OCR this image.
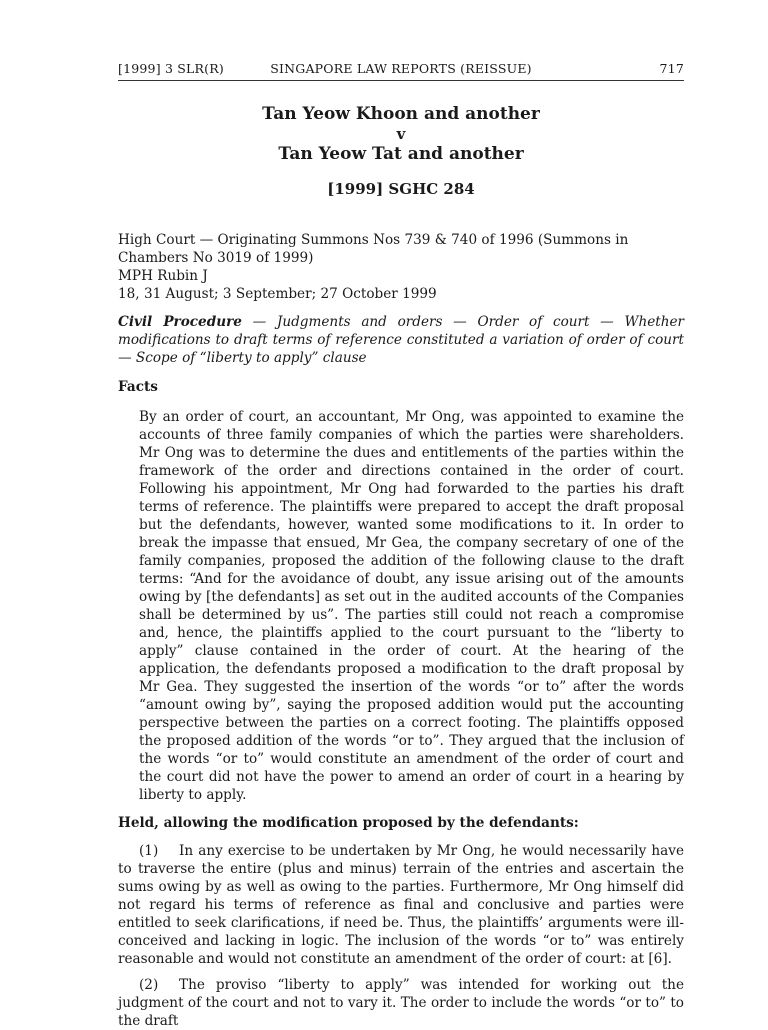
[1999] 3 SLR(R)	SINGAPORE LAW REPORTS (REISSUE)	717
Tan Yeow Khoon and another
v
Tan Yeow Tat and another
[1999] SGHC 284
High Court — Originating Summons Nos 739 & 740 of 1996 (Summons in
Chambers No 3019 of 1999)
MPH Rubin J
18, 31 August; 3 September; 27 October 1999
Civil Procedure — Judgments and orders — Order of court — Whether modifications to draft terms of reference constituted a variation of order of court — Scope of “liberty to apply” clause
Facts
By an order of court, an accountant, Mr Ong, was appointed to examine the accounts of three family companies of which the parties were shareholders. Mr Ong was to determine the dues and entitlements of the parties within the framework of the order and directions contained in the order of court. Following his appointment, Mr Ong had forwarded to the parties his draft terms of reference. The plaintiffs were prepared to accept the draft proposal but the defendants, however, wanted some modifications to it. In order to break the impasse that ensued, Mr Gea, the company secretary of one of the family companies, proposed the addition of the following clause to the draft terms: “And for the avoidance of doubt, any issue arising out of the amounts owing by [the defendants] as set out in the audited accounts of the Companies shall be determined by us”. The parties still could not reach a compromise and, hence, the plaintiffs applied to the court pursuant to the “liberty to apply” clause contained in the order of court. At the hearing of the application, the defendants proposed a modification to the draft proposal by Mr Gea. They suggested the insertion of the words “or to” after the words “amount owing by”, saying the proposed addition would put the accounting perspective between the parties on a correct footing. The plaintiffs opposed the proposed addition of the words “or to”. They argued that the inclusion of the words “or to” would constitute an amendment of the order of court and the court did not have the power to amend an order of court in a hearing by liberty to apply.
Held, allowing the modification proposed by the defendants:
(1) In any exercise to be undertaken by Mr Ong, he would necessarily have to traverse the entire (plus and minus) terrain of the entries and ascertain the sums owing by as well as owing to the parties. Furthermore, Mr Ong himself did not regard his terms of reference as final and conclusive and parties were entitled to seek clarifications, if need be. Thus, the plaintiffs’ arguments were ill-conceived and lacking in logic. The inclusion of the words “or to” was entirely reasonable and would not constitute an amendment of the order of court: at [6].
(2) The proviso “liberty to apply” was intended for working out the judgment of the court and not to vary it. The order to include the words “or to” to the draft
